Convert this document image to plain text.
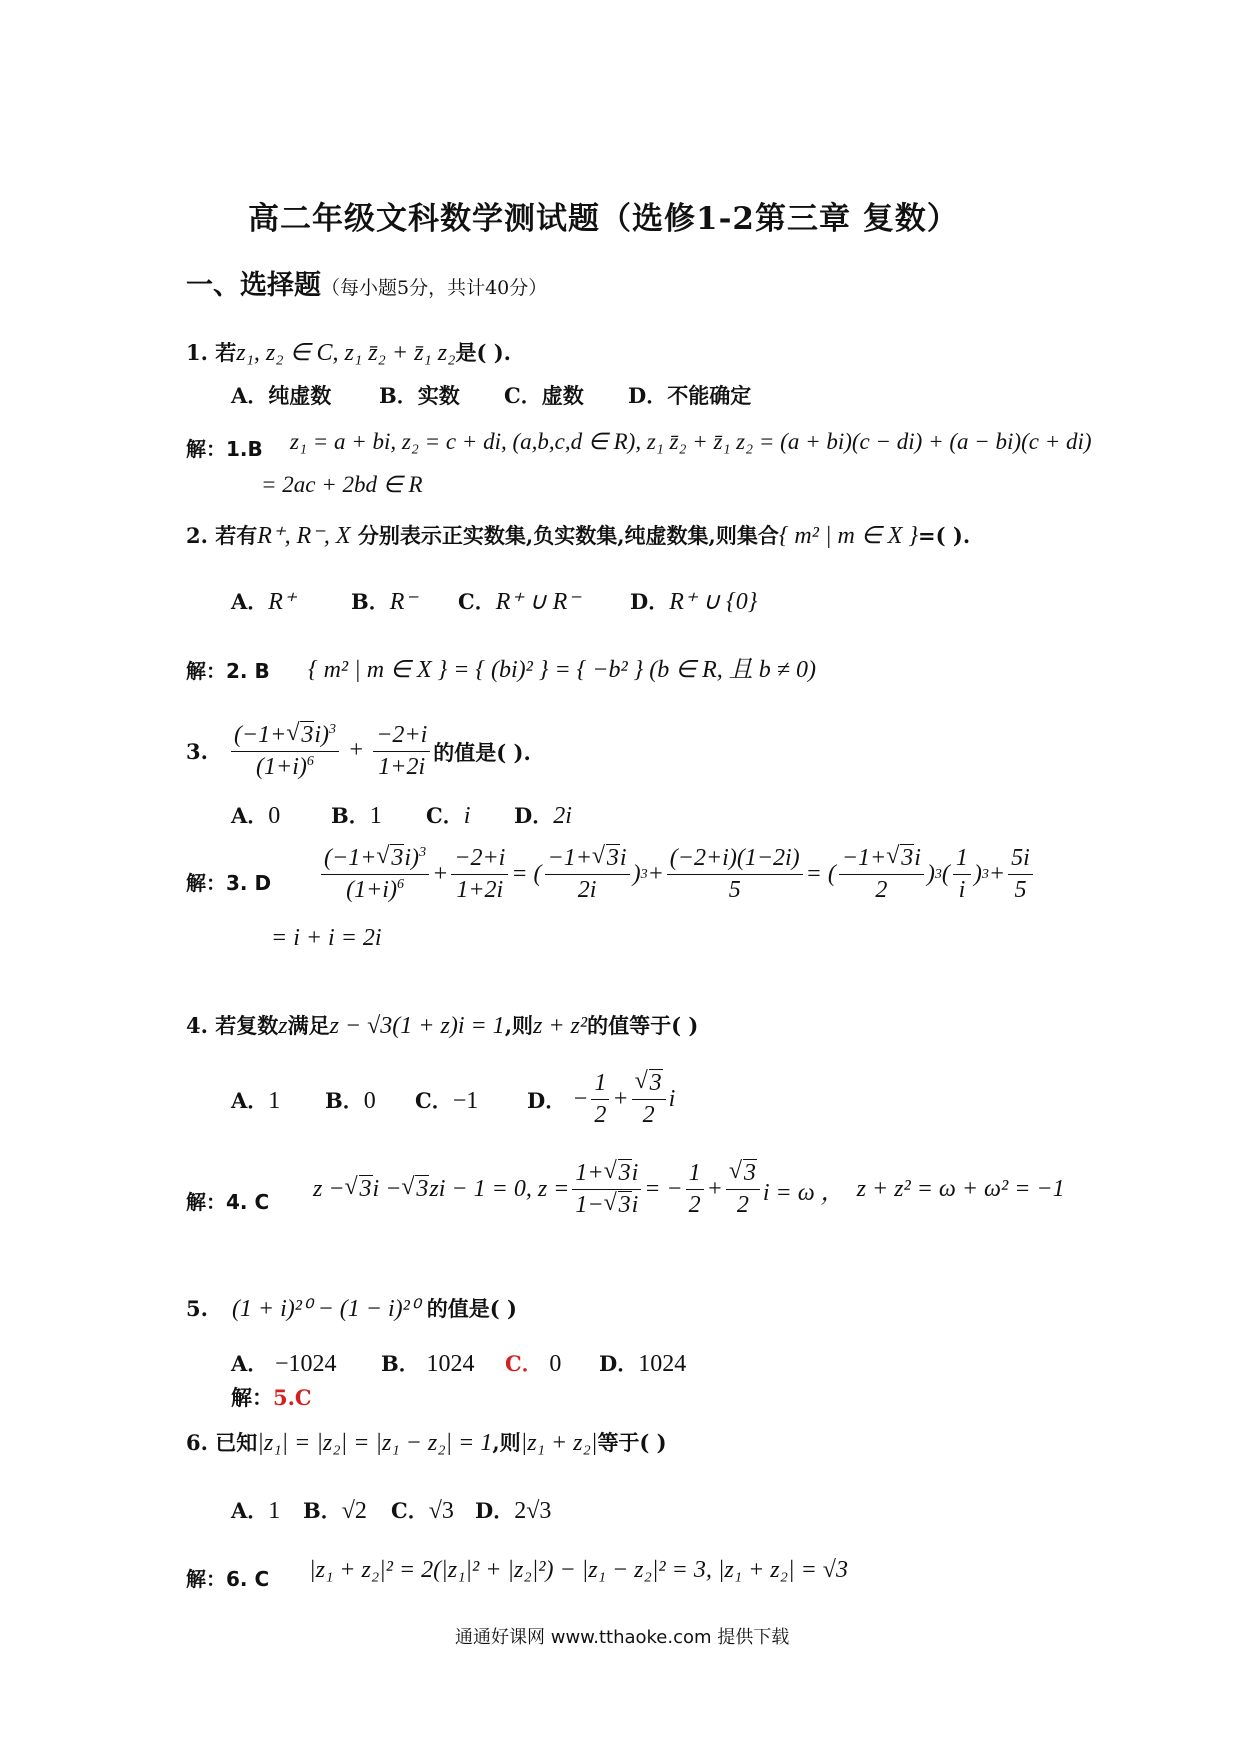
高二年级文科数学测试题（选修1-2第三章 复数）
一、选择题（每小题5分，共计40分）
1. 若z₁, z₂ ∈ C, z₁ z̄₂ + z̄₁ z₂是( ).
A．纯虚数 B．实数 C．虚数 D．不能确定
解：1.B z₁ = a + bi, z₂ = c + di, (a,b,c,d ∈ R), z₁ z̄₂ + z̄₁ z₂ = (a + bi)(c − di) + (a − bi)(c + di)
= 2ac + 2bd ∈ R
2. 若有R⁺, R⁻, X 分别表示正实数集,负实数集,纯虚数集,则集合{ m² | m ∈ X }=( ).
A．R⁺	B．R⁻ C．R⁺ ∪ R⁻ D．R⁺ ∪ {0}
解：2. B { m² | m ∈ X } = { (bi)² } = { −b² } (b ∈ R, 且 b ≠ 0)
3. $\frac{(-1+ √ 3i)^3}{(1+i)^6} + \frac{-2+i}{1+2i}$ 的值是( ).
A．0 B．1 C．i D．2i
解：3. D $\frac{(-1+ √ 3i)^3}{(1+i)^6} + \frac{-2+i}{1+2i}$ = ( $\frac{-1+ √ 3i}{2i}$ ) $3 + \frac{(-2+i)(1-2i)}{5}$ = ( $\frac{-1+ √ 3i}{2}$ ) 3 ( $\frac{1}{i}$ ) $3 + \frac{5i}{5}$
= i + i = 2i
4. 若复数z满足z − √3(1 + z)i = 1,则z + z²的值等于( )
A．1	B．0	C．−1	D． − $\frac{1}{2}$ + √ $\frac{3}{2}$ i
解：4. C z − √ 3 i − √ 3 zi − 1 = 0, $z = \frac{1+ √ 3i}{1- √ 3i}$ = − $\frac{1}{2}$ + √ $\frac{3}{2}$ i = ω ， z + z² = ω + ω² = −1
5. (1 + i)²⁰ − (1 − i)²⁰ 的值是( )
A． −1024 B． 1024 C． 0 D．1024
解：5.C
6. 已知|z₁| = |z₂| = |z₁ − z₂| = 1,则|z₁ + z₂|等于( )
A．1 B．√2 C．√3 D．2√3
解：6. C |z₁ + z₂|² = 2(|z₁|² + |z₂|²) − |z₁ − z₂|² = 3, |z₁ + z₂| = √3
通通好课网 www.tthaoke.com 提供下载
